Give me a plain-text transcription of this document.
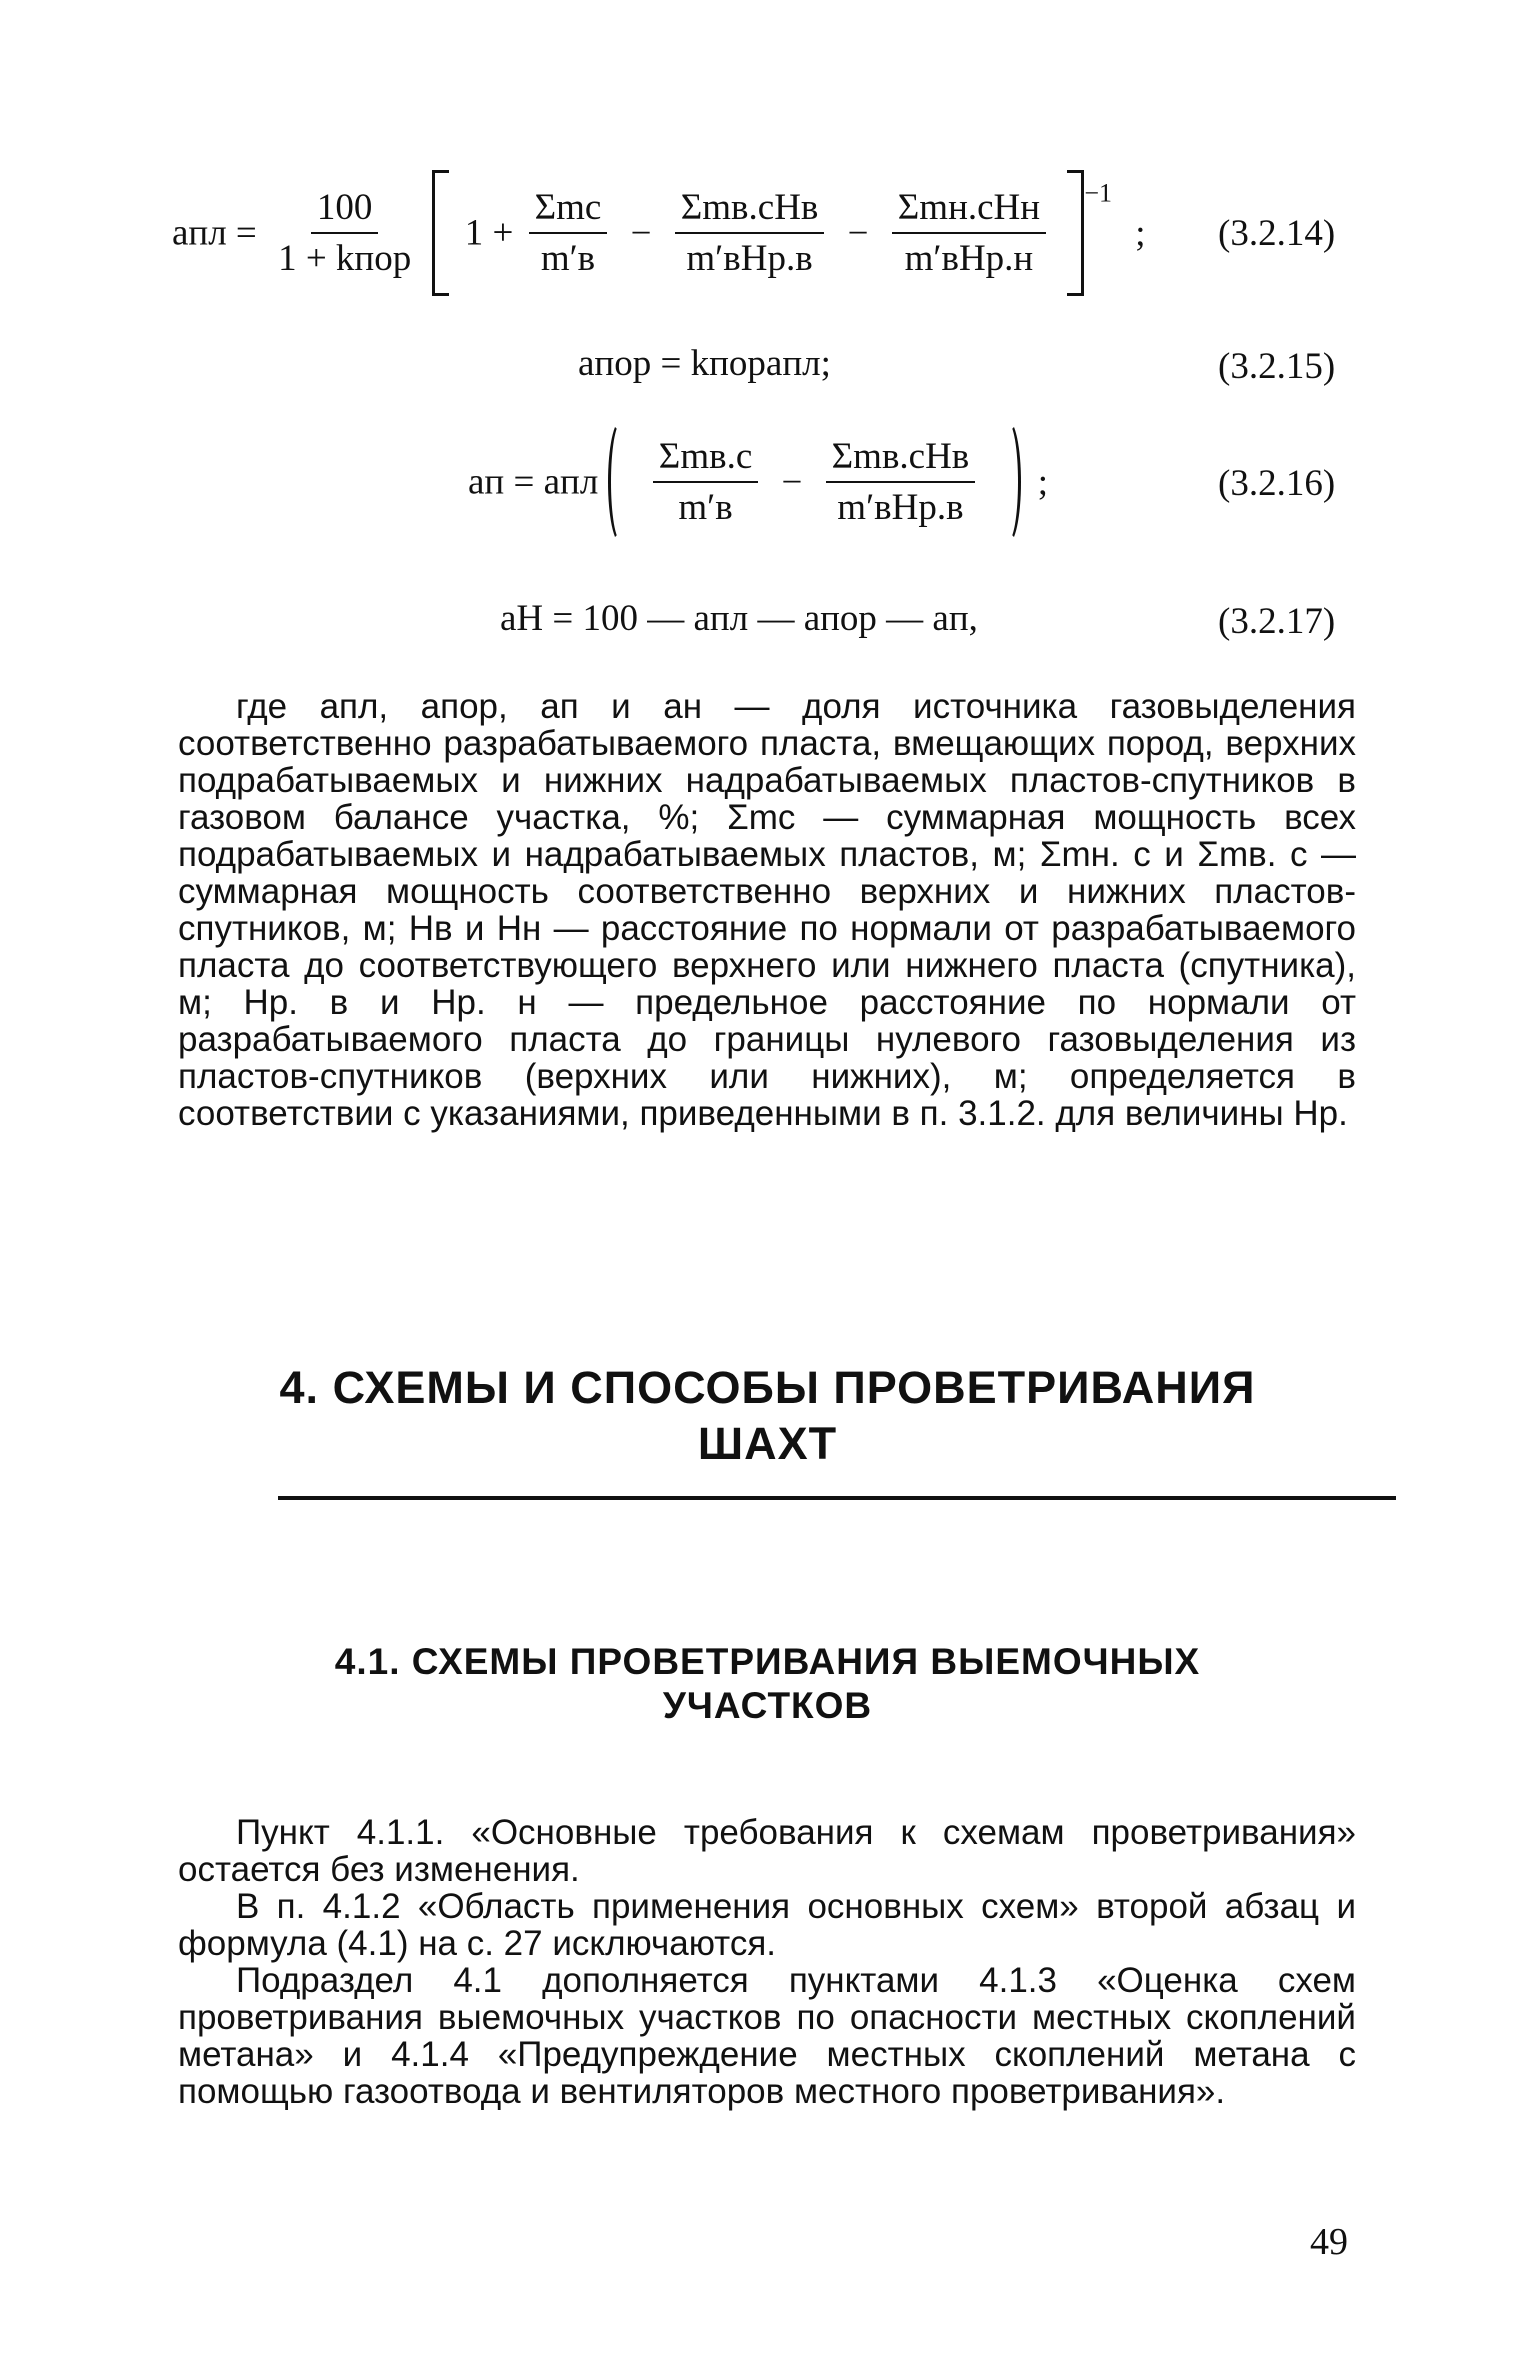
aпл = $\frac{100}{\text{1 + kпор}} 1 + \frac{\text{Σmс}}{m'в} - \frac{\text{Σmв.сHв}}{\text{m′вHр.в}} - \frac{\text{Σmн.сHн}}{\text{m′вHр.н}} ^{-1}$ ; (3.2.14)
aпор = kпорaпл;	(3.2.15)
aп = aпл $\frac{\text{Σmв.с}}{m'в} - \frac{\text{Σmв.сHв}}{\text{m′вHр.в}}$ ;	(3.2.16)
aH = 100 — aпл — aпор — aп,	(3.2.17)

где aпл, aпор, aп и aн — доля источника газовыделения соответственно разрабатываемого пласта, вмещающих пород, верхних подрабатываемых и нижних надрабатываемых пластов-спутников в газовом балансе участка, %; Σmс — суммарная мощность всех подрабатываемых и надрабатываемых пластов, м; Σmн. с и Σmв. с — суммарная мощность соответственно верхних и нижних пластов-спутников, м; Hв и Hн — расстояние по нормали от разрабатываемого пласта до соответствующего верхнего или нижнего пласта (спутника), м; Hр. в и Hр. н — предельное расстояние по нормали от разрабатываемого пласта до границы нулевого газовыделения из пластов-спутников (верхних или нижних), м; определяется в соответствии с указаниями, приведенными в п. 3.1.2. для величины Hр.

4. СХЕМЫ И СПОСОБЫ ПРОВЕТРИВАНИЯ
ШАХТ
4.1. СХЕМЫ ПРОВЕТРИВАНИЯ ВЫЕМОЧНЫХ
УЧАСТКОВ

Пункт 4.1.1. «Основные требования к схемам проветривания» остается без изменения.

В п. 4.1.2 «Область применения основных схем» второй абзац и формула (4.1) на с. 27 исключаются.

Подраздел 4.1 дополняется пунктами 4.1.3 «Оценка схем проветривания выемочных участков по опасности местных скоплений метана» и 4.1.4 «Предупреждение местных скоплений метана с помощью газоотвода и вентиляторов местного проветривания».

49
